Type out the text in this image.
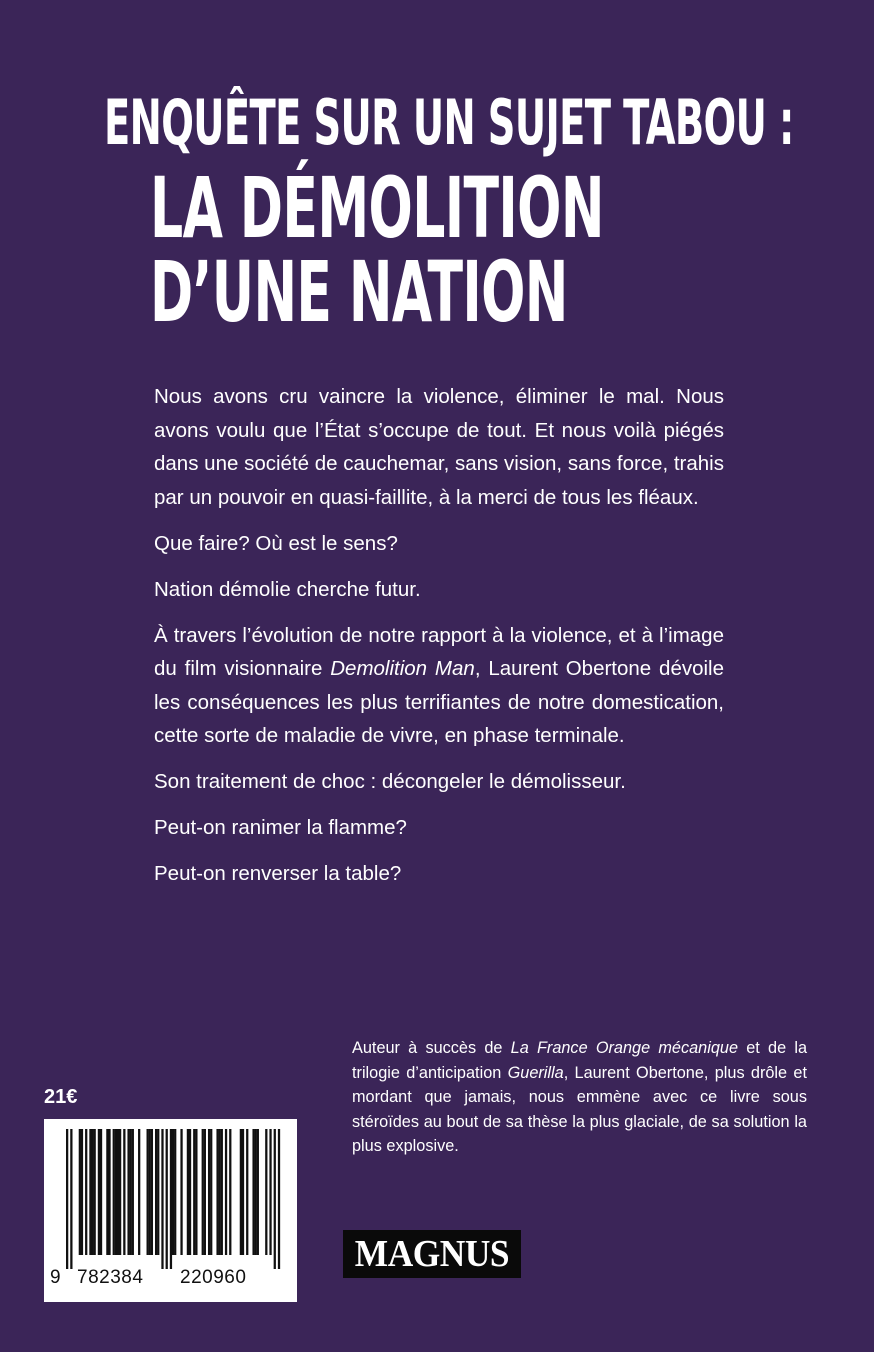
ENQUÊTE SUR UN SUJET TABOU :
LA DÉMOLITION
D’UNE NATION

Nous avons cru vaincre la violence, éliminer le mal. Nous avons voulu que l’État s’occupe de tout. Et nous voilà piégés dans une société de cauchemar, sans vision, sans force, trahis par un pouvoir en quasi-faillite, à la merci de tous les fléaux.

Que faire? Où est le sens?

Nation démolie cherche futur.

À travers l’évolution de notre rapport à la violence, et à l’image du film visionnaire Demolition Man, Laurent Obertone dévoile les conséquences les plus terrifiantes de notre domestication, cette sorte de maladie de vivre, en phase terminale.

Son traitement de choc : décongeler le démolisseur.

Peut-on ranimer la flamme?

Peut-on renverser la table?

Auteur à succès de La France Orange mécanique et de la trilogie d’anticipation Guerilla, Laurent Obertone, plus drôle et mordant que jamais, nous emmène avec ce livre sous stéroïdes au bout de sa thèse la plus glaciale, de sa solution la plus explosive.
21€
9 782384 220960
MAGNUS
